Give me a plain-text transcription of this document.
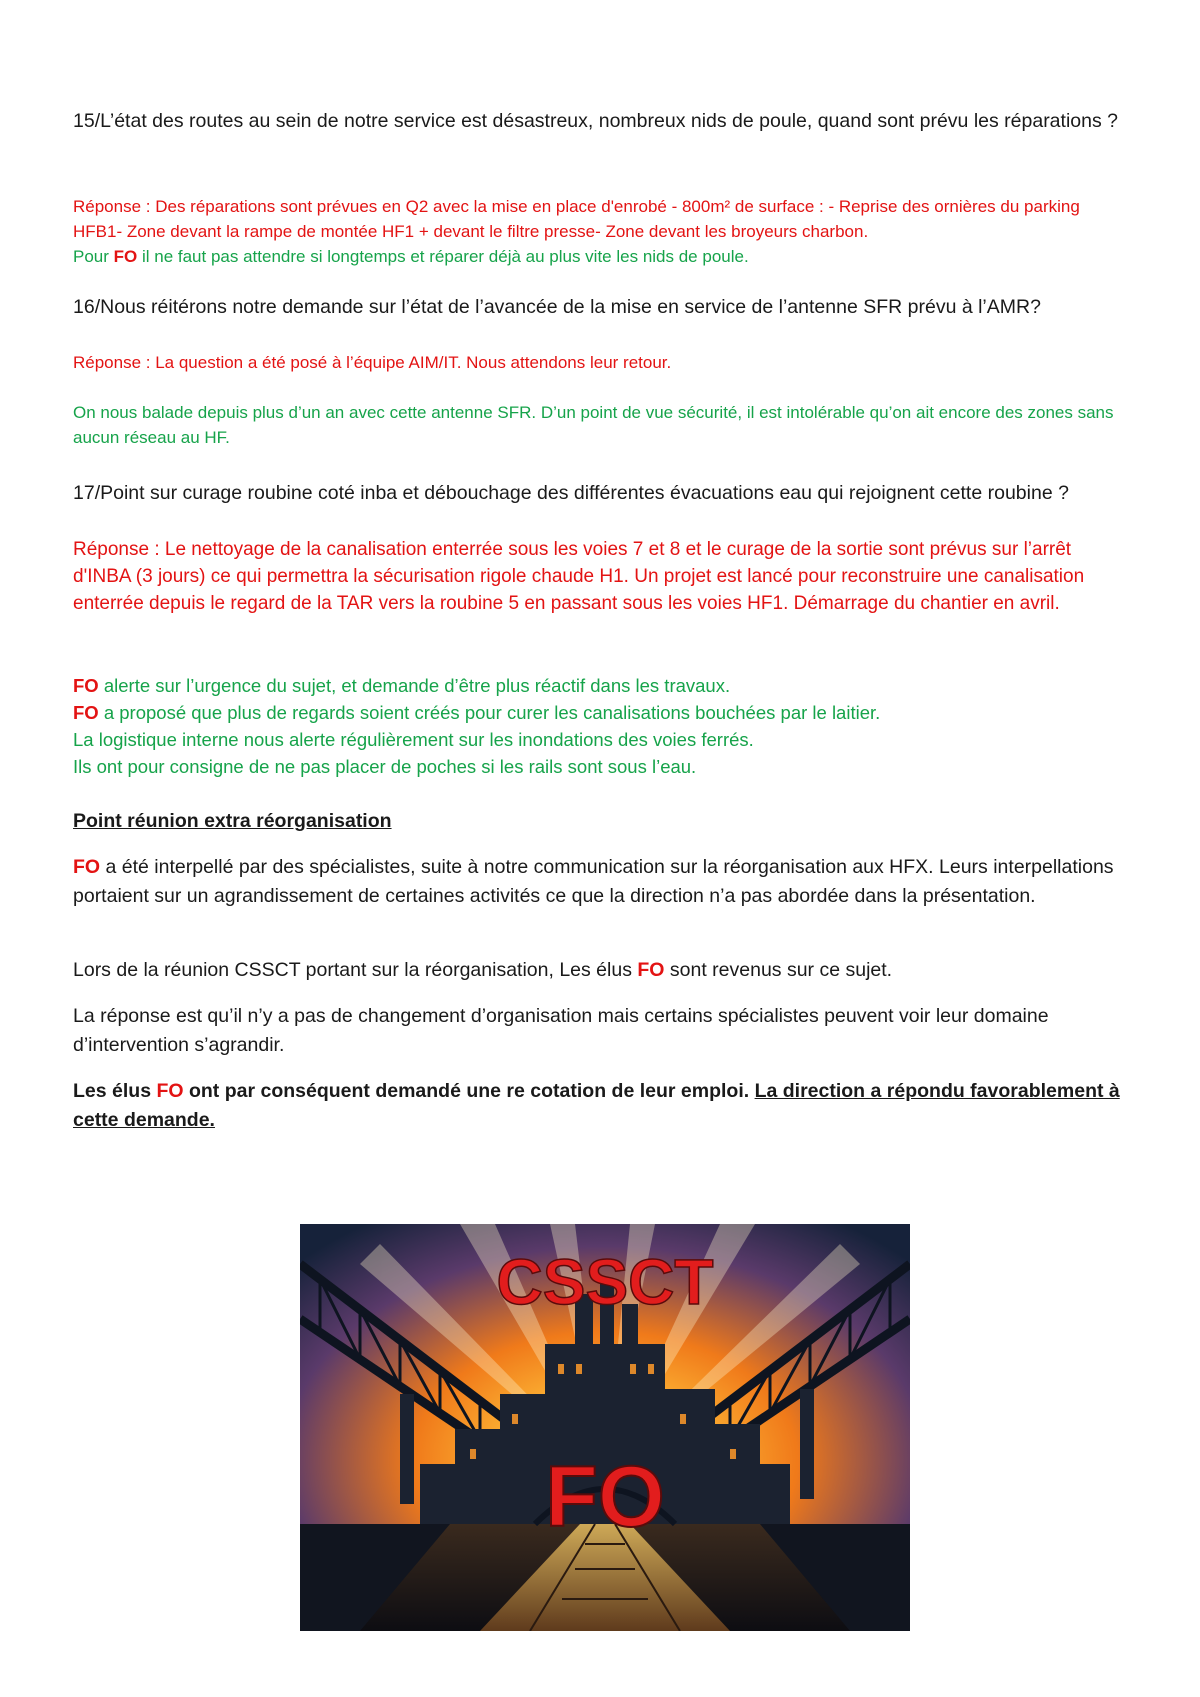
15/L’état des routes au sein de notre service est désastreux, nombreux nids de poule, quand sont prévu les réparations ?

Réponse : Des réparations sont prévues en Q2 avec la mise en place d'enrobé - 800m² de surface : - Reprise des ornières du parking HFB1- Zone devant la rampe de montée HF1 + devant le filtre presse- Zone devant les broyeurs charbon.

Pour FO il ne faut pas attendre si longtemps et réparer déjà au plus vite les nids de poule.

16/Nous réitérons notre demande sur l’état de l’avancée de la mise en service de l’antenne SFR prévu à l’AMR?

Réponse : La question a été posé à l’équipe AIM/IT. Nous attendons leur retour.

On nous balade depuis plus d’un an avec cette antenne SFR. D’un point de vue sécurité, il est intolérable qu’on ait encore des zones sans aucun réseau au HF.

17/Point sur curage roubine coté inba et débouchage des différentes évacuations eau qui rejoignent cette roubine ?

Réponse : Le nettoyage de la canalisation enterrée sous les voies 7 et 8 et le curage de la sortie sont prévus sur l’arrêt d'INBA (3 jours) ce qui permettra la sécurisation rigole chaude H1. Un projet est lancé pour reconstruire une canalisation enterrée depuis le regard de la TAR vers la roubine 5 en passant sous les voies HF1. Démarrage du chantier en avril.

FO alerte sur l’urgence du sujet, et demande d’être plus réactif dans les travaux.
FO a proposé que plus de regards soient créés pour curer les canalisations bouchées par le laitier.
La logistique interne nous alerte régulièrement sur les inondations des voies ferrés.
Ils ont pour consigne de ne pas placer de poches si les rails sont sous l’eau.

Point réunion extra réorganisation

FO a été interpellé par des spécialistes, suite à notre communication sur la réorganisation aux HFX. Leurs interpellations portaient sur un agrandissement de certaines activités ce que la direction n’a pas abordée dans la présentation.

Lors de la réunion CSSCT portant sur la réorganisation, Les élus FO sont revenus sur ce sujet.

La réponse est qu’il n’y a pas de changement d’organisation mais certains spécialistes peuvent voir leur domaine d’intervention s’agrandir.

Les élus FO ont par conséquent demandé une re cotation de leur emploi. La direction a répondu favorablement à cette demande.

CSSCT
FO
